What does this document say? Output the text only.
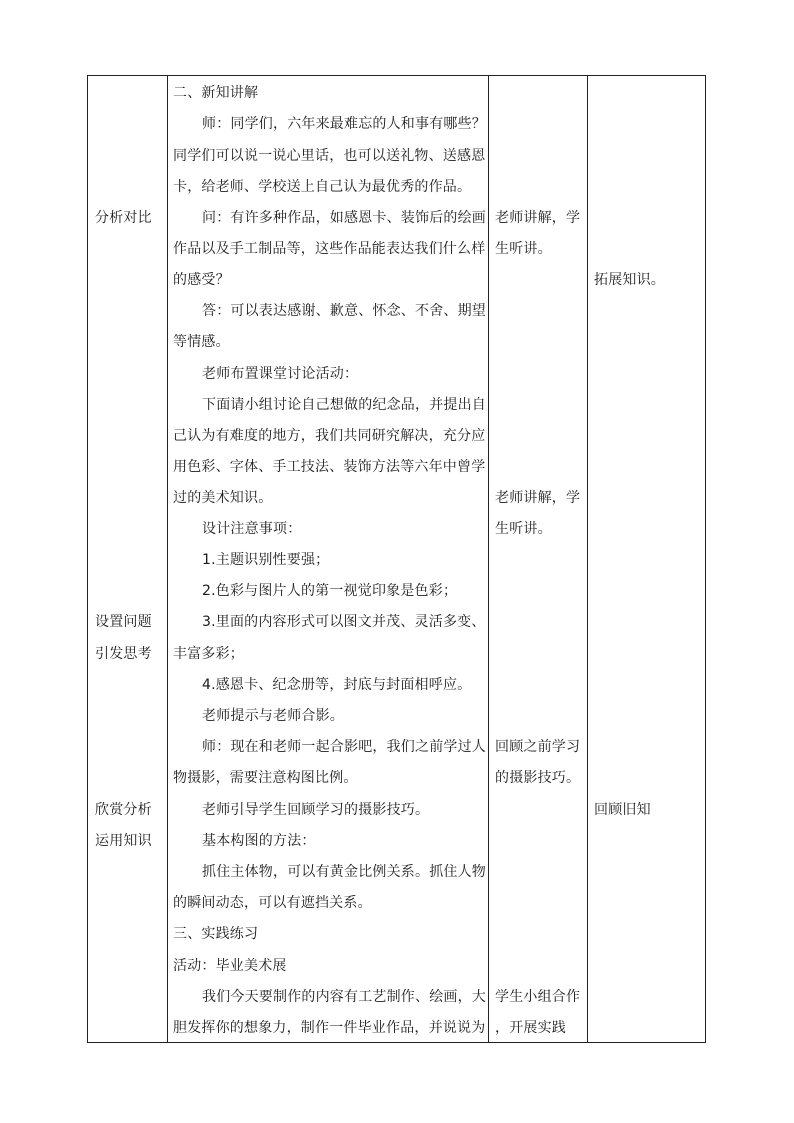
分析对比
设置问题
引发思考
欣赏分析
运用知识
二、新知讲解
师：同学们，六年来最难忘的人和事有哪些？
同学们可以说一说心里话，也可以送礼物、送感恩
卡，给老师、学校送上自己认为最优秀的作品。
问：有许多种作品，如感恩卡、装饰后的绘画
作品以及手工制品等，这些作品能表达我们什么样
的感受？
答：可以表达感谢、歉意、怀念、不舍、期望
等情感。
老师布置课堂讨论活动：
下面请小组讨论自己想做的纪念品，并提出自
己认为有难度的地方，我们共同研究解决，充分应
用色彩、字体、手工技法、装饰方法等六年中曾学
过的美术知识。
设计注意事项：
1.主题识别性要强；
2.色彩与图片人的第一视觉印象是色彩；
3.里面的内容形式可以图文并茂、灵活多变、
丰富多彩；
4.感恩卡、纪念册等，封底与封面相呼应。
老师提示与老师合影。
师：现在和老师一起合影吧，我们之前学过人
物摄影，需要注意构图比例。
老师引导学生回顾学习的摄影技巧。
基本构图的方法：
抓住主体物，可以有黄金比例关系。抓住人物
的瞬间动态，可以有遮挡关系。
三、实践练习
活动：毕业美术展
我们今天要制作的内容有工艺制作、绘画，大
胆发挥你的想象力，制作一件毕业作品，并说说为
老师讲解，学
生听讲。
老师讲解，学
生听讲。
回顾之前学习
的摄影技巧。
学生小组合作
，开展实践
拓展知识。
回顾旧知
